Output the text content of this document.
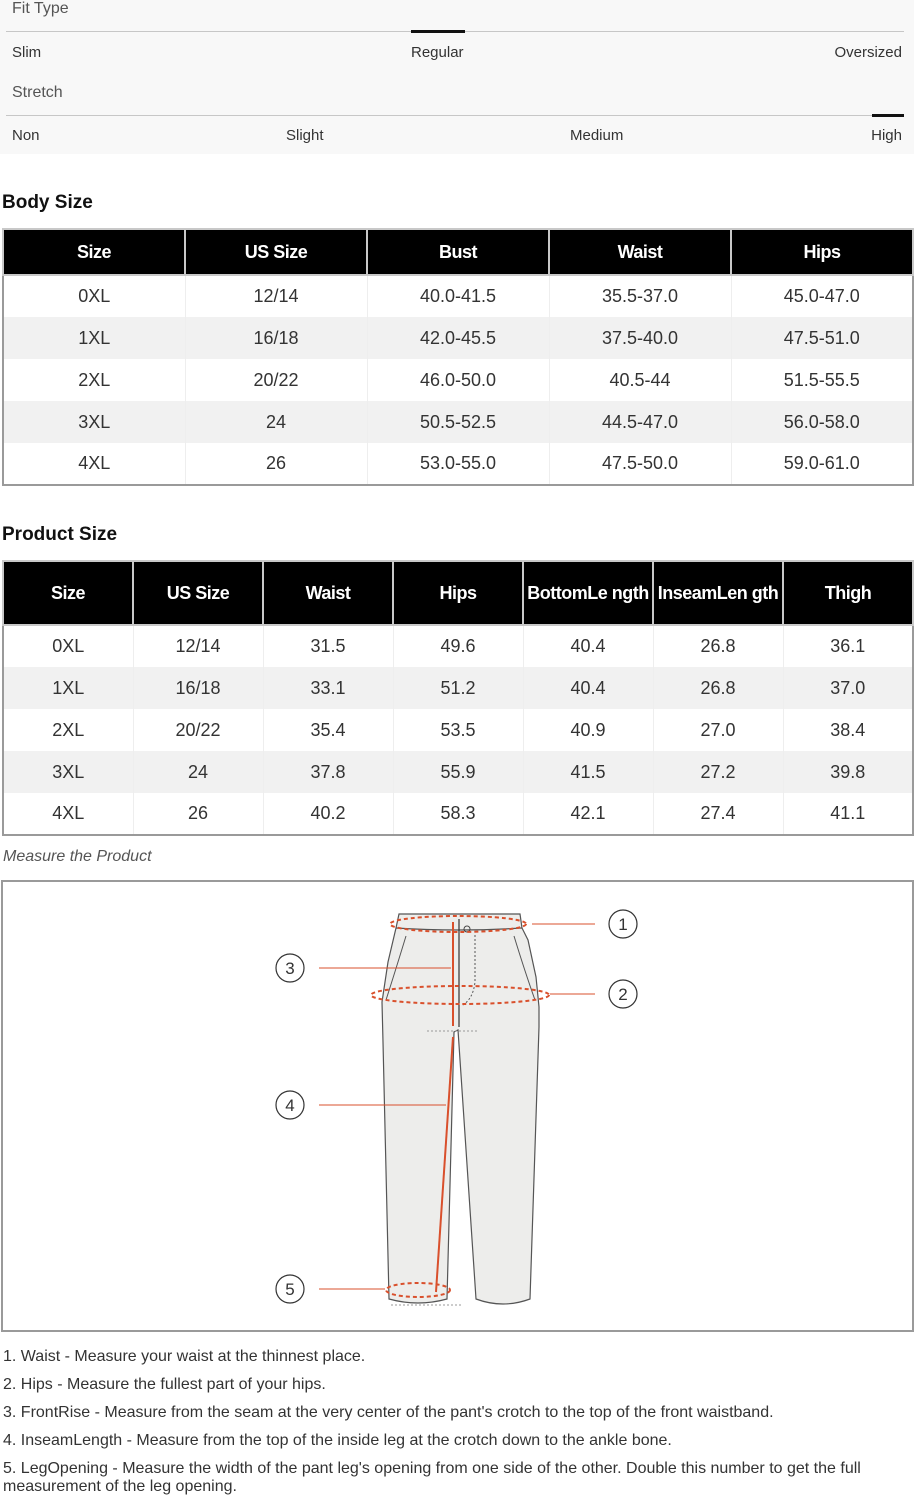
Fit Type
Slim	Regular	Oversized
Stretch
Non	Slight	Medium	High
Body Size
Size	US Size	Bust	Waist	Hips
0XL	12/14	40.0-41.5	35.5-37.0	45.0-47.0
1XL	16/18	42.0-45.5	37.5-40.0	47.5-51.0
2XL	20/22	46.0-50.0	40.5-44	51.5-55.5
3XL	24	50.5-52.5	44.5-47.0	56.0-58.0
4XL	26	53.0-55.0	47.5-50.0	59.0-61.0
Product Size
Size	US Size	Waist	Hips	BottomLe ngth	InseamLen gth	Thigh
0XL	12/14	31.5	49.6	40.4	26.8	36.1
1XL	16/18	33.1	51.2	40.4	26.8	37.0
2XL	20/22	35.4	53.5	40.9	27.0	38.4
3XL	24	37.8	55.9	41.5	27.2	39.8
4XL	26	40.2	58.3	42.1	27.4	41.1
Measure the Product
1
2
3
4
5
1. Waist - Measure your waist at the thinnest place.
2. Hips - Measure the fullest part of your hips.
3. FrontRise - Measure from the seam at the very center of the pant's crotch to the top of the front waistband.
4. InseamLength - Measure from the top of the inside leg at the crotch down to the ankle bone.
5. LegOpening - Measure the width of the pant leg's opening from one side of the other. Double this number to get the full measurement of the leg opening.
